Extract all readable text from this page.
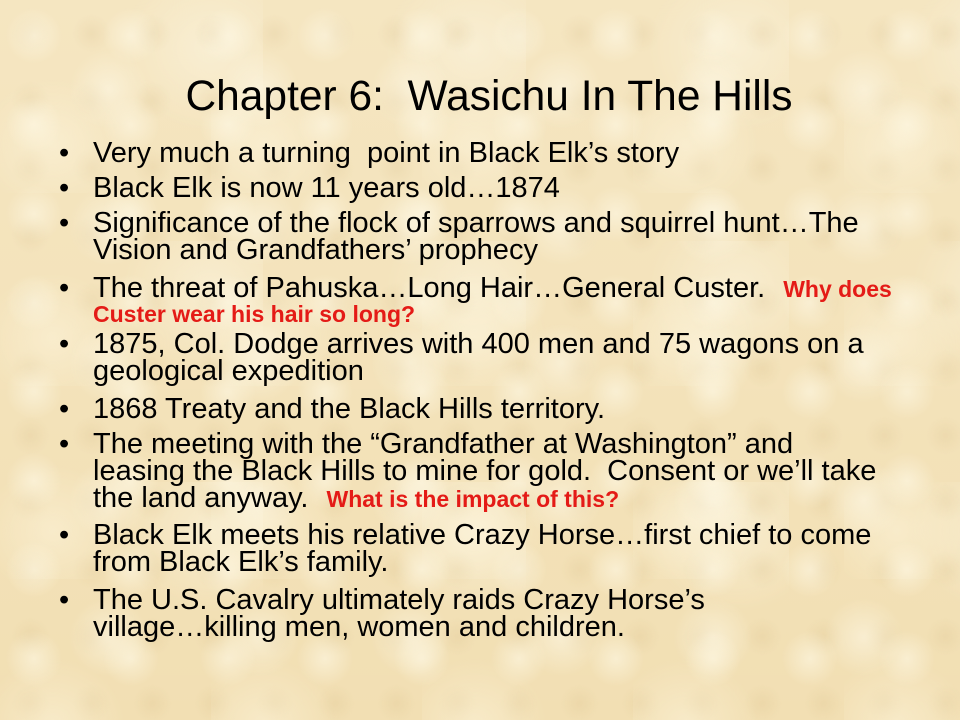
Chapter 6:  Wasichu In The Hills
•
Very much a turning  point in Black Elk’s story
•
Black Elk is now 11 years old…1874
•
Significance of the flock of sparrows and squirrel hunt…The
Vision and Grandfathers’ prophecy
•
The threat of Pahuska…Long Hair…General Custer. Why does
Custer wear his hair so long?
•
1875, Col. Dodge arrives with 400 men and 75 wagons on a
geological expedition
•
1868 Treaty and the Black Hills territory.
•
The meeting with the “Grandfather at Washington” and
leasing the Black Hills to mine for gold.  Consent or we’ll take
the land anyway. What is the impact of this?
•
Black Elk meets his relative Crazy Horse…first chief to come
from Black Elk’s family.
•
The U.S. Cavalry ultimately raids Crazy Horse’s
village…killing men, women and children.
